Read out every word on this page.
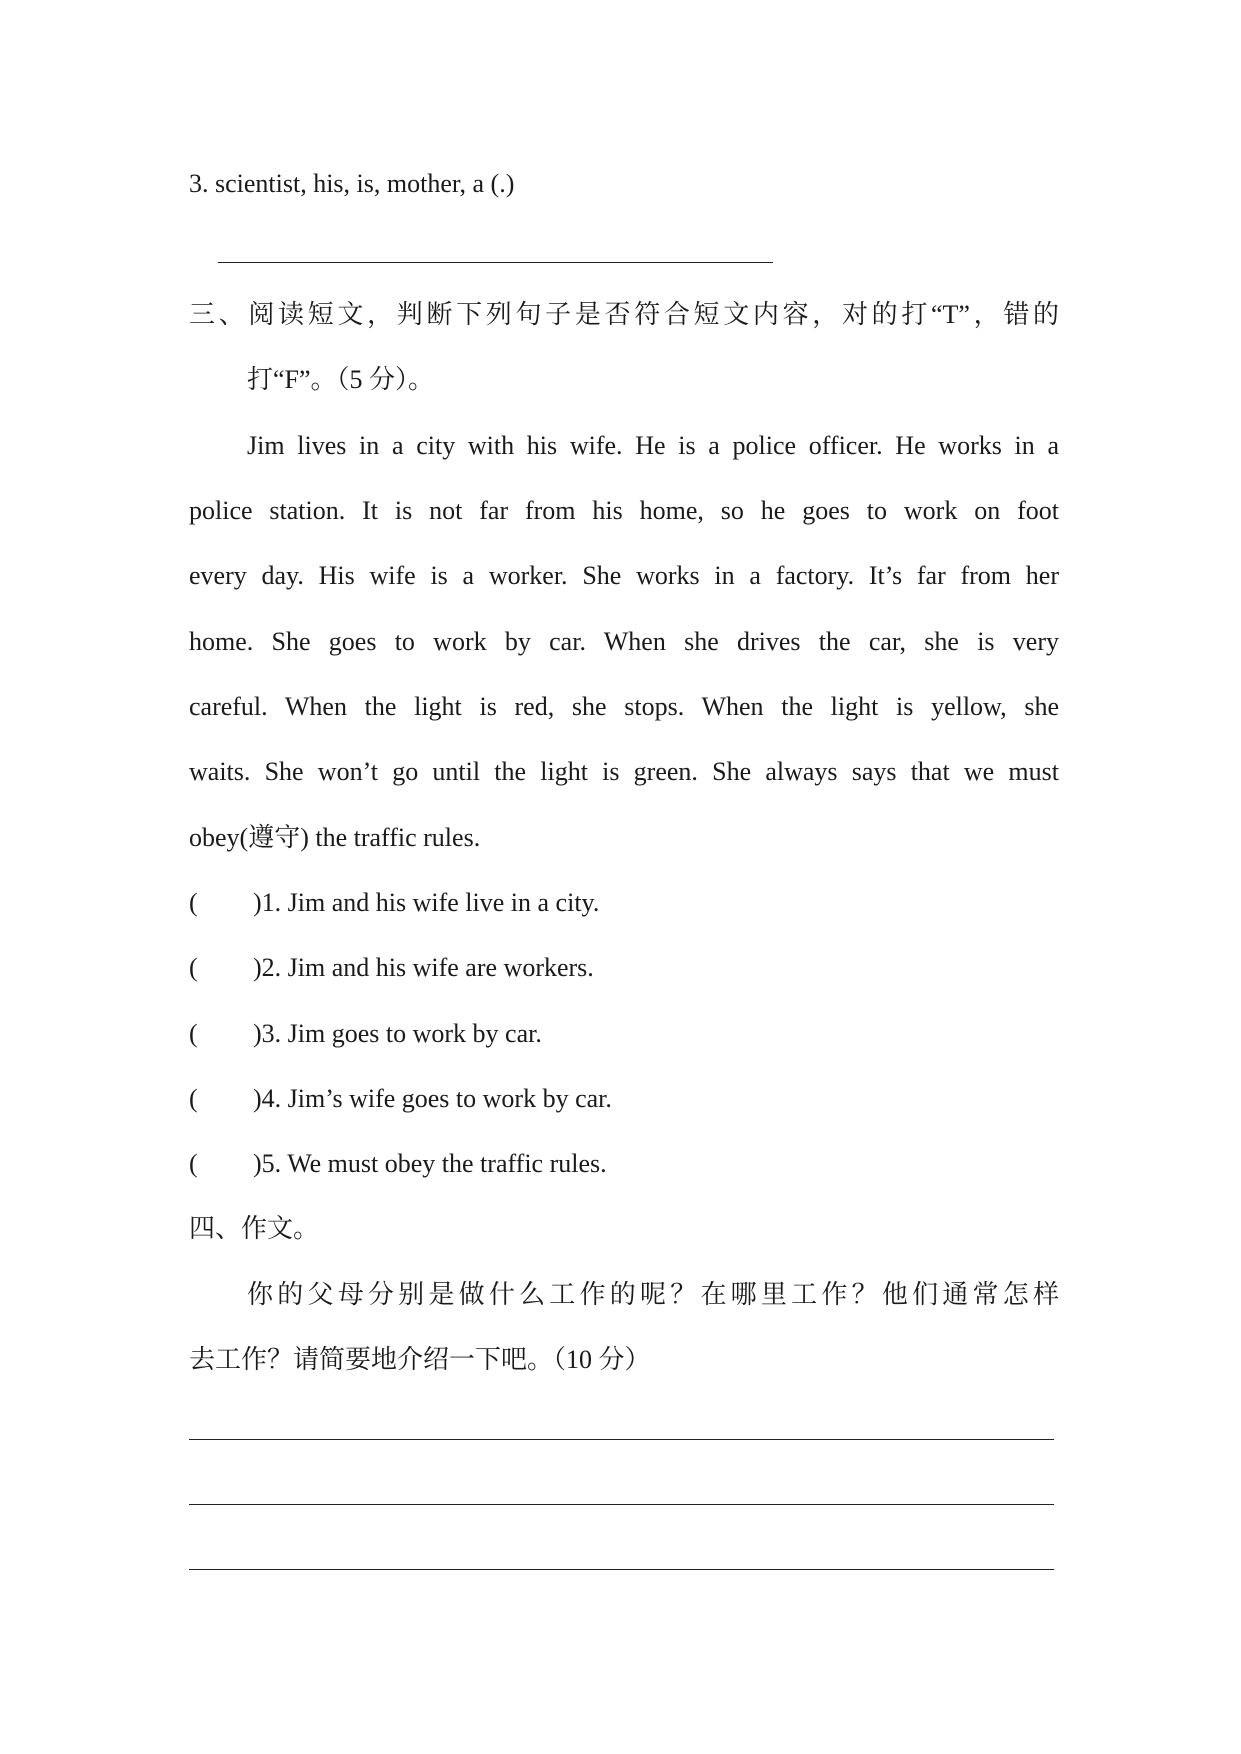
3. scientist, his, is, mother, a (.)
三、阅读短文，判断下列句子是否符合短文内容，对的打“T”，错的
打“F”。（5 分）。
Jim lives in a city with his wife. He is a police officer. He works in a
police station. It is not far from his home, so he goes to work on foot
every day. His wife is a worker. She works in a factory. It’s far from her
home. She goes to work by car. When she drives the car, she is very
careful. When the light is red, she stops. When the light is yellow, she
waits. She won’t go until the light is green. She always says that we must
obey(遵守) the traffic rules.
( )1. Jim and his wife live in a city.
( )2. Jim and his wife are workers.
( )3. Jim goes to work by car.
( )4. Jim’s wife goes to work by car.
( )5. We must obey the traffic rules.
四、作文。
你的父母分别是做什么工作的呢？在哪里工作？他们通常怎样
去工作？请简要地介绍一下吧。（10 分）
